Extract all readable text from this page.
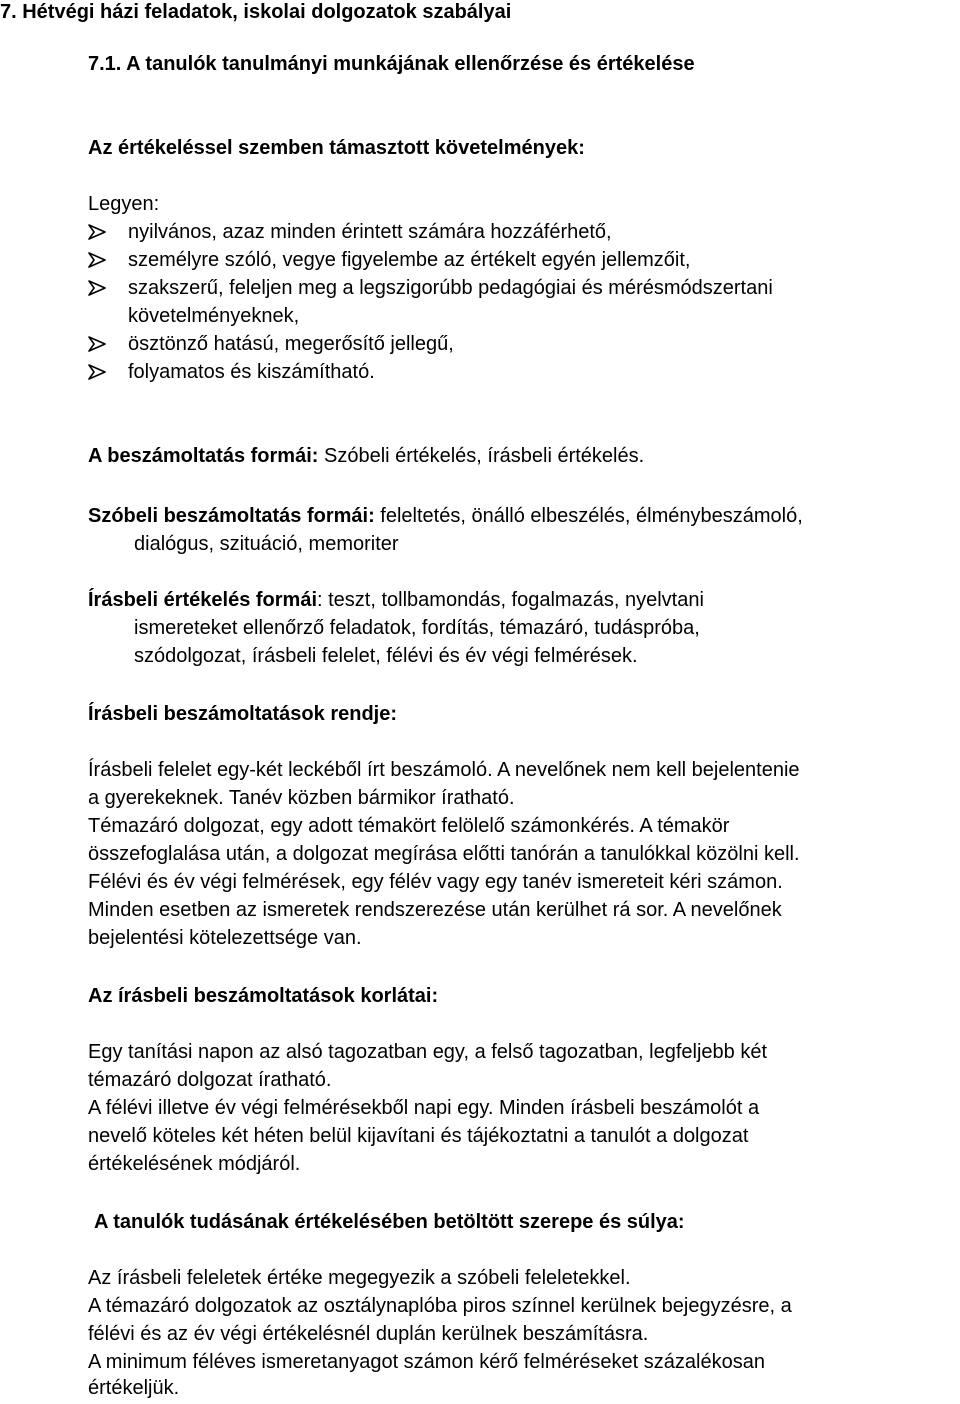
7. Hétvégi házi feladatok, iskolai dolgozatok szabályai
7.1. A tanulók tanulmányi munkájának ellenőrzése és értékelése
Az értékeléssel szemben támasztott követelmények:
Legyen:
nyilvános, azaz minden érintett számára hozzáférhető,
személyre szóló, vegye figyelembe az értékelt egyén jellemzőit,
szakszerű, feleljen meg a legszigorúbb pedagógiai és mérésmódszertani
követelményeknek,
ösztönző hatású, megerősítő jellegű,
folyamatos és kiszámítható.
A beszámoltatás formái: Szóbeli értékelés, írásbeli értékelés.
Szóbeli beszámoltatás formái: feleltetés, önálló elbeszélés, élménybeszámoló,
dialógus, szituáció, memoriter
Írásbeli értékelés formái: teszt, tollbamondás, fogalmazás, nyelvtani
ismereteket ellenőrző feladatok, fordítás, témazáró, tudáspróba,
szódolgozat, írásbeli felelet, félévi és év végi felmérések.
Írásbeli beszámoltatások rendje:
Írásbeli felelet egy-két leckéből írt beszámoló. A nevelőnek nem kell bejelentenie
a gyerekeknek. Tanév közben bármikor íratható.
Témazáró dolgozat, egy adott témakört felölelő számonkérés. A témakör
összefoglalása után, a dolgozat megírása előtti tanórán a tanulókkal közölni kell.
Félévi és év végi felmérések, egy félév vagy egy tanév ismereteit kéri számon.
Minden esetben az ismeretek rendszerezése után kerülhet rá sor. A nevelőnek
bejelentési kötelezettsége van.
Az írásbeli beszámoltatások korlátai:
Egy tanítási napon az alsó tagozatban egy, a felső tagozatban, legfeljebb két
témazáró dolgozat íratható.
A félévi illetve év végi felmérésekből napi egy. Minden írásbeli beszámolót a
nevelő köteles két héten belül kijavítani és tájékoztatni a tanulót a dolgozat
értékelésének módjáról.
A tanulók tudásának értékelésében betöltött szerepe és súlya:
Az írásbeli feleletek értéke megegyezik a szóbeli feleletekkel.
A témazáró dolgozatok az osztálynaplóba piros színnel kerülnek bejegyzésre, a
félévi és az év végi értékelésnél duplán kerülnek beszámításra.
A minimum féléves ismeretanyagot számon kérő felméréseket százalékosan
értékeljük.
